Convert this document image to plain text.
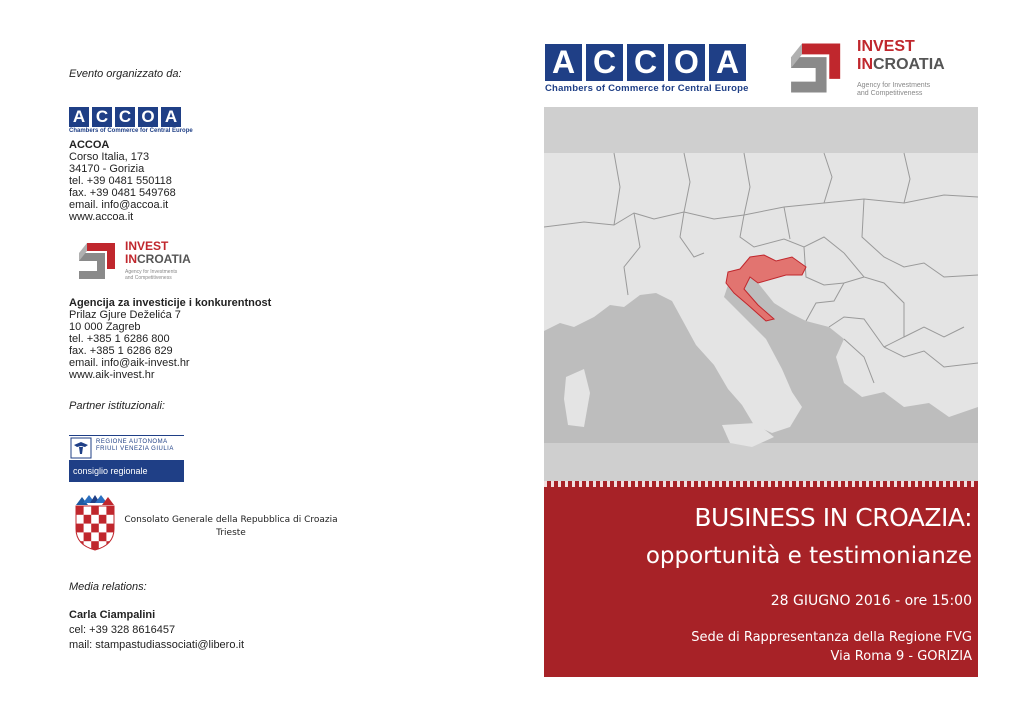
Evento organizzato da:
A C C O A
Chambers of Commerce for Central Europe
ACCOA
Corso Italia, 173
34170 - Gorizia
tel. +39 0481 550118
fax. +39 0481 549768
email. info@accoa.it
www.accoa.it
INVEST
INCROATIA
Agency for Investments
and Competitiveness
Agencija za investicije i konkurentnost
Prilaz Gjure Deželića 7
10 000 Zagreb
tel. +385 1 6286 800
fax. +385 1 6286 829
email. info@aik-invest.hr
www.aik-invest.hr
Partner istituzionali:
REGIONE AUTONOMA
FRIULI VENEZIA GIULIA
consiglio regionale
Consolato Generale della Repubblica di Croazia
Trieste
Media relations:
Carla Ciampalini
cel: +39 328 8616457
mail: stampastudiassociati@libero.it
A C C O A
Chambers of Commerce for Central Europe
INVEST
INCROATIA
Agency for Investments
and Competitiveness
BUSINESS IN CROAZIA:
opportunità e testimonianze
28 GIUGNO 2016 - ore 15:00
Sede di Rappresentanza della Regione FVG
Via Roma 9 - GORIZIA
